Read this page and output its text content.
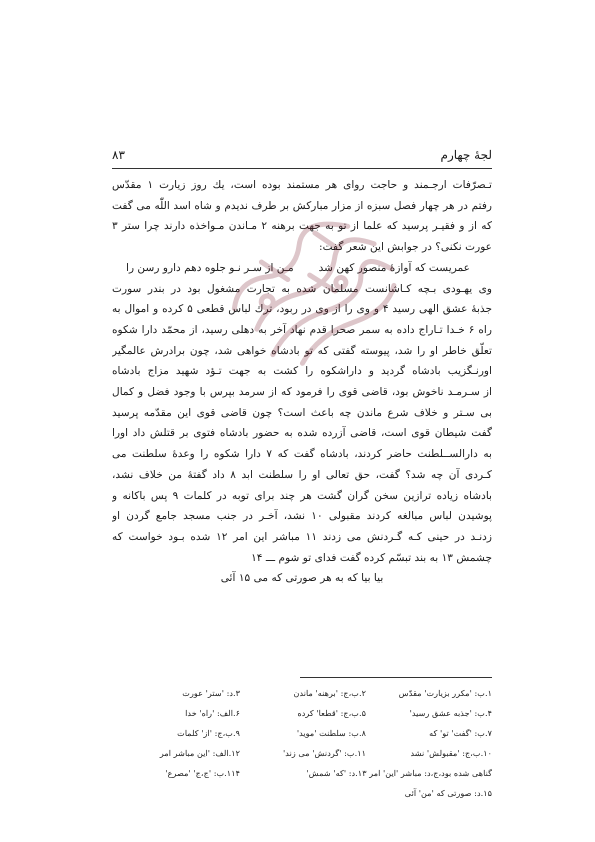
۸۳	لجهٔ چهارم
تـصرّفات ارجـمند و حاجت روای هر مستمند بوده است، یك روز زیارت ۱ مقدّس
رفتم در هر چهار فصل سبزه از مزار مبارکش بر طرف ندیدم و شاه اسد اللّٰه می گفت
که از و فقیـر پرسید که علما از تو به جهت برهنه ۲ مـاندن مـواخذه دارند چرا ستر ۳
عورت نکنی؟ در جوابش این شعر گفت:
عمریست که آوازهٔ منصور کهن شد
مـن از سـر نـو جلوه دهم دارو رسن را
وی یهـودی بـچه کـاشانست مسلمان شده به تجارت مشغول بود در بندر سورت
جذبهٔ عشق الهی رسید ۴ و وی را از وی در ربود، ترك لباس قطعی ۵ کرده و اموال به
راه ۶ خـدا تـاراج داده به سمر صحرا قدم نهاد آخر به دهلی رسید، از محمّد دارا شکوه
تعلّق خاطر او را شد، پیوسته گفتی که تو بادشاه خواهی شد، چون برادرش عالمگیر
اورنـگزیب بادشاه گردید و داراشکوه را کشت به جهت تـؤد شهید مزاج بادشاه
از سـرمـد ناخوش بود، قاضی قوی را فرمود که از سرمد بپرس با وجود فضل و کمال
بی سـتر و خلاف شرع ماندن چه باعث است؟ چون قاضی قوی این مقدّمه پرسید
گفت شیطان قوی است، قاضی آزرده شده به حضور بادشاه فتوی بر قتلش داد اورا
به دارالســلطنت حاضر کردند، بادشاه گفت که ۷ دارا شکوه را وعدهٔ سلطنت می
کـردی آن چه شد؟ گفت، حق تعالی او را سلطنت ابد ۸ داد گفتهٔ من خلاف نشد،
بادشاه زیاده ترازین سخن گران گشت هر چند برای توبه در کلمات ۹ پس باکانه و
پوشیدن لباس مبالغه کردند مقبولی ۱۰ نشد، آخـر در جنب مسجد جامع گردن او
زدنـد در حینی کـه گـردنش می زدند ۱۱ مباشر این امر ۱۲ شده بـود خواست که
چشمش ۱۳ به بند تبسّم کرده گفت فدای تو شوم ـــ ۱۴
بیا بیا که به هر صورتی که می ۱۵ آئی
۱.ب: 'مکرر بزیارت' مقدّس
۲.ب،ج: 'برهنه' ماندن
۳.د: 'ستر' عورت
۴.ب: 'جذبه عشق رسید'
۵.ب،ج: 'قطعا' کرده
۶.الف: 'راه' خدا
۷.ب: 'گفت' تو' که
۸.ب: سلطنت 'موید'
۹.ب،ج: 'از' کلمات
۱۰.ب،ج: 'مقبولش' نشد
۱۱.ب: 'گردنش' می زند'
۱۲.الف: 'این مباشر امر
گناهی شده بود،ج،د: مباشر 'این' امر ۱۳.د: 'که' شمش'
۱۱۴.ب: 'ج،ج' 'مصرع'
۱۵.د: صورتی که 'من' آئی
